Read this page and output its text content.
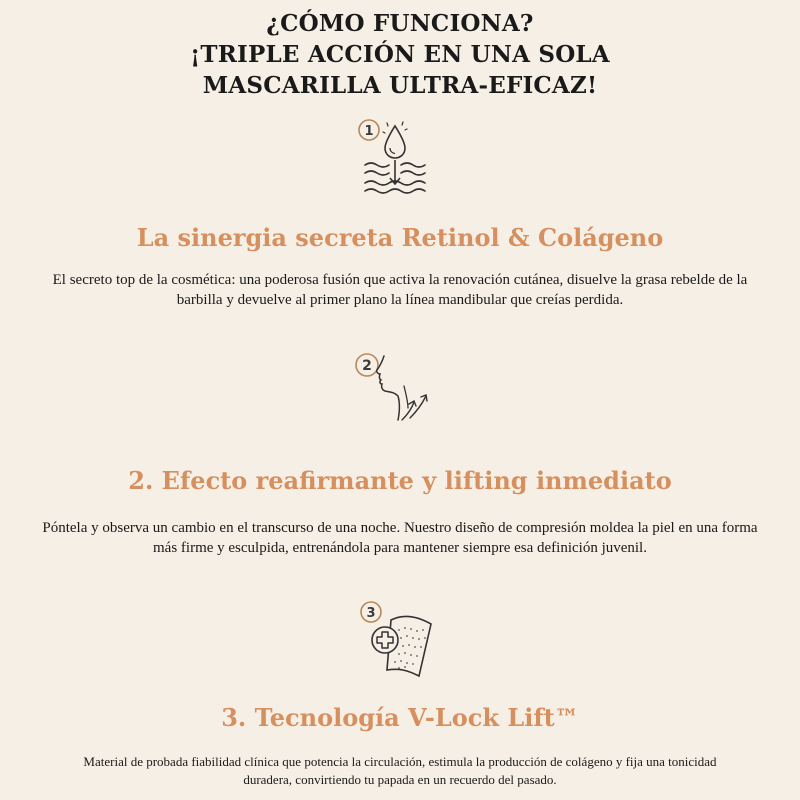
¿CÓMO FUNCIONA?
¡TRIPLE ACCIÓN EN UNA SOLA
MASCARILLA ULTRA-EFICAZ!
1
La sinergia secreta Retinol & Colágeno
El secreto top de la cosmética: una poderosa fusión que activa la renovación cutánea, disuelve la grasa rebelde de la barbilla y devuelve al primer plano la línea mandibular que creías perdida.
2
2. Efecto reafirmante y lifting inmediato
Póntela y observa un cambio en el transcurso de una noche. Nuestro diseño de compresión moldea la piel en una forma más firme y esculpida, entrenándola para mantener siempre esa definición juvenil.
3
3. Tecnología V-Lock Lift™
Material de probada fiabilidad clínica que potencia la circulación, estimula la producción de colágeno y fija una tonicidad duradera, convirtiendo tu papada en un recuerdo del pasado.
